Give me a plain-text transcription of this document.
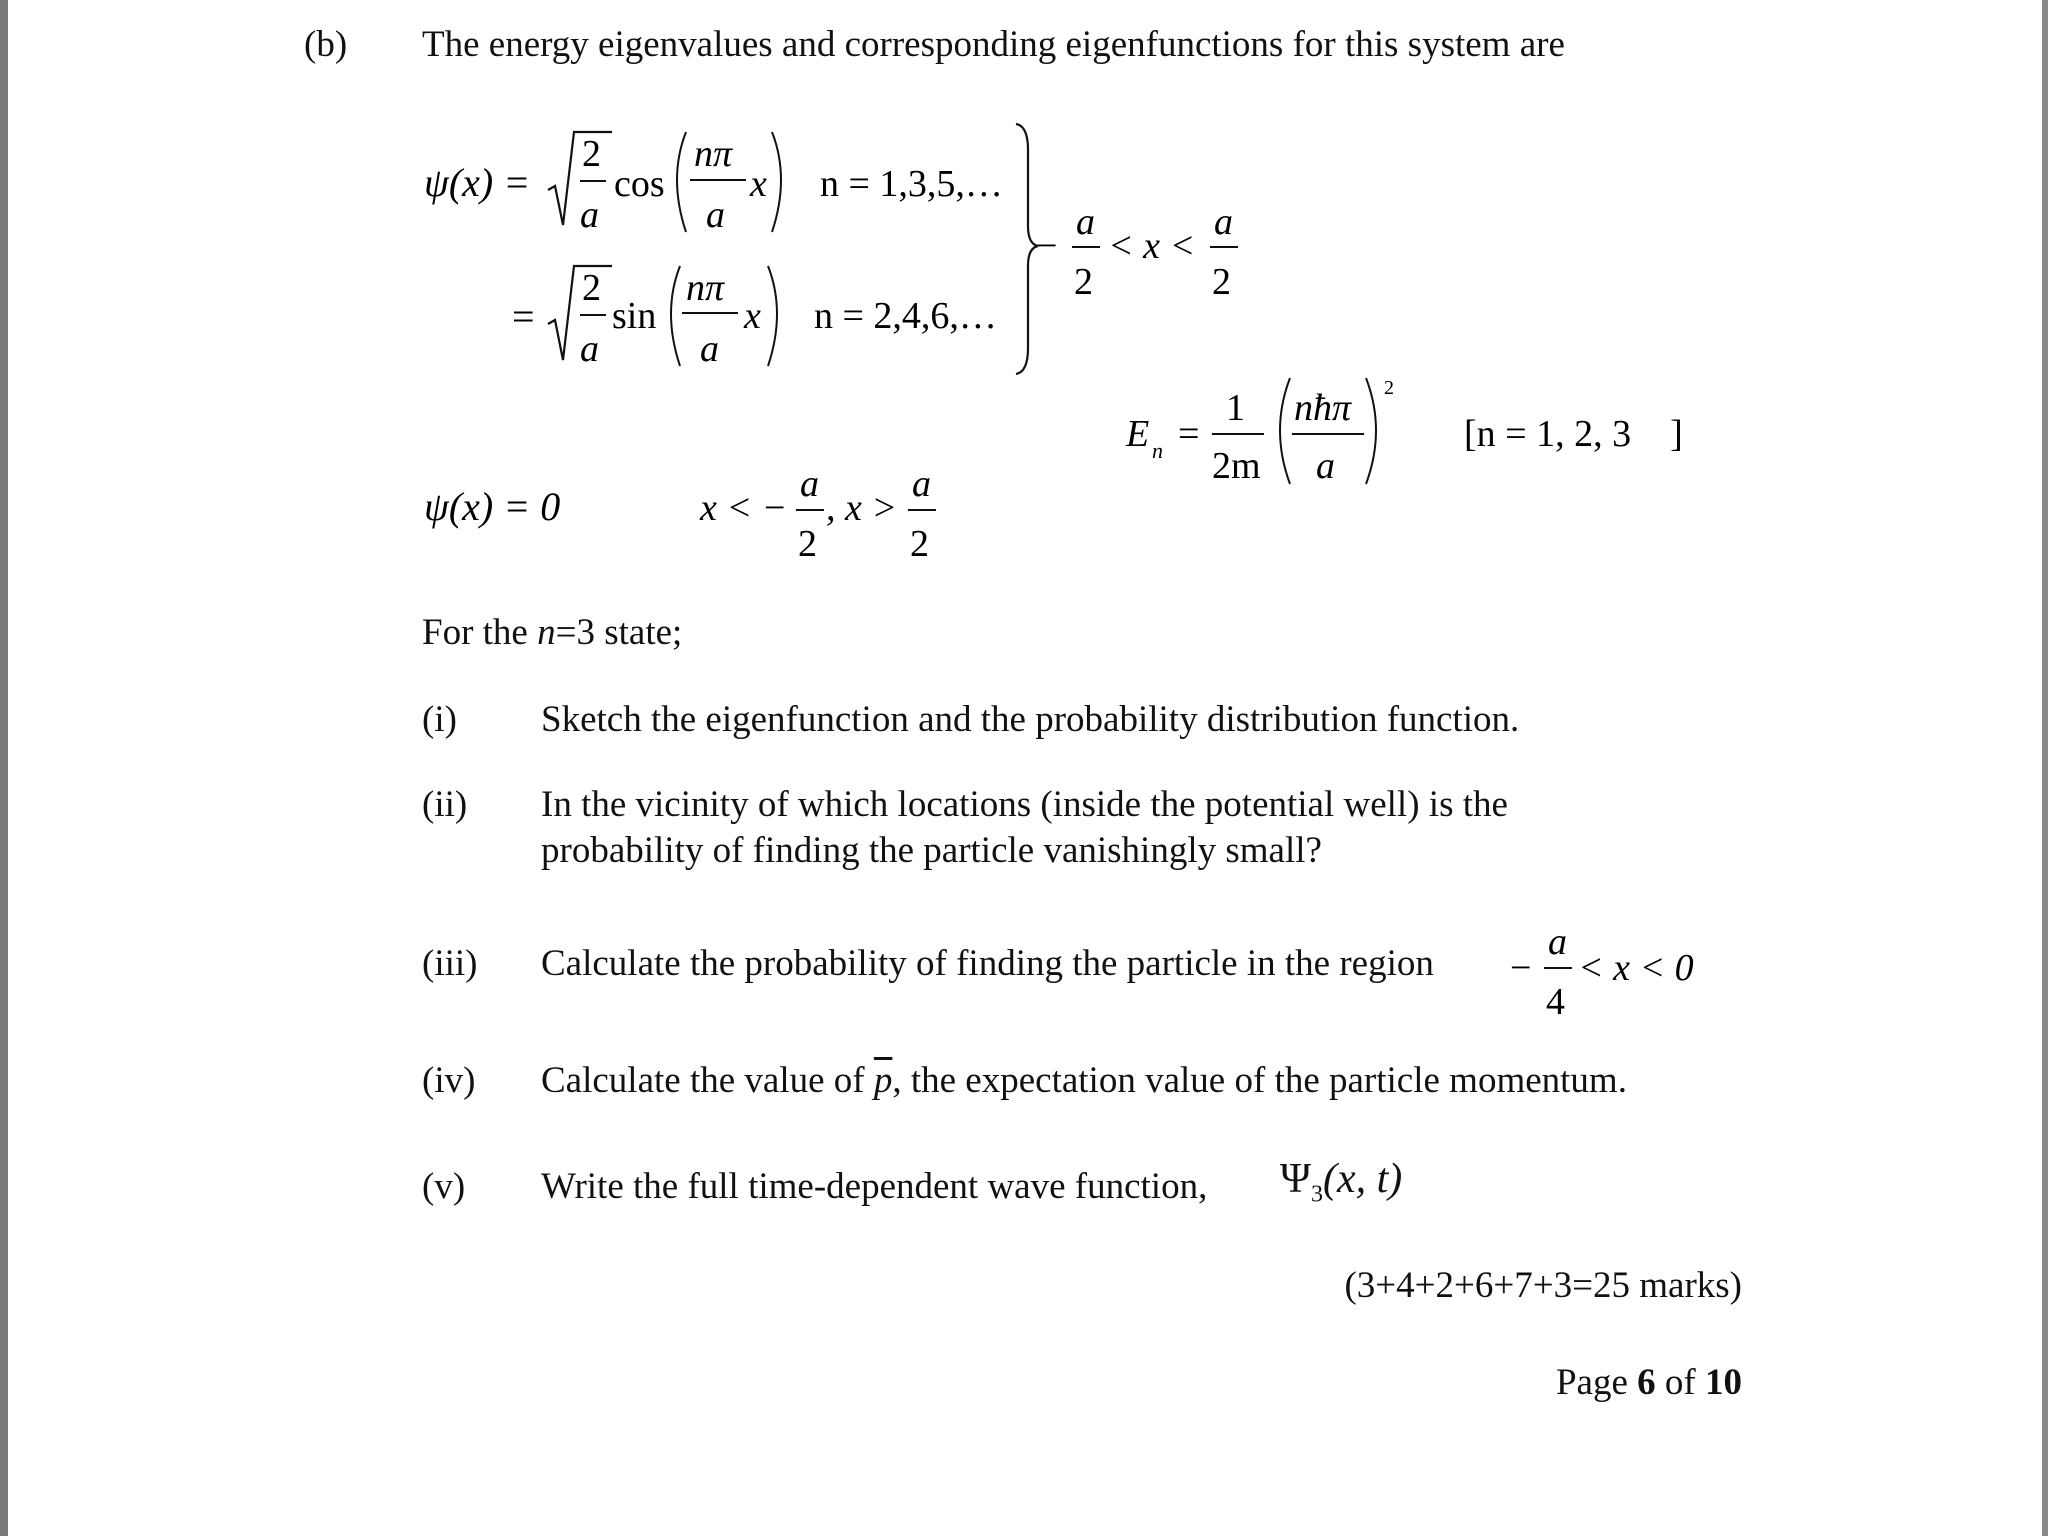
(b) The energy eigenvalues and corresponding eigenfunctions for this system are
ψ(x) =
2
a
cos
nπ
a
x n = 1,3,5,…
=
2
a
sin
nπ
a
x n = 2,4,6,…
−
a
2
< x <
a
2
E n =
1
2m
nħπ
a
2
[n = 1, 2, 3⃞ ]
ψ(x) = 0	x < −
a
2
, x >
a
2
For the n=3 state;
(i) Sketch the eigenfunction and the probability distribution function.
(ii) In the vicinity of which locations (inside the potential well) is the
probability of finding the particle vanishingly small?
(iii) Calculate the probability of finding the particle in the region −
a
4
< x < 0
(iv) Calculate the value of $\overline{p}$, the expectation value of the particle momentum.
(v) Write the full time-dependent wave function, $\Psi_3(x$, t)
(3+4+2+6+7+3=25 marks)
Page 6 of 10
